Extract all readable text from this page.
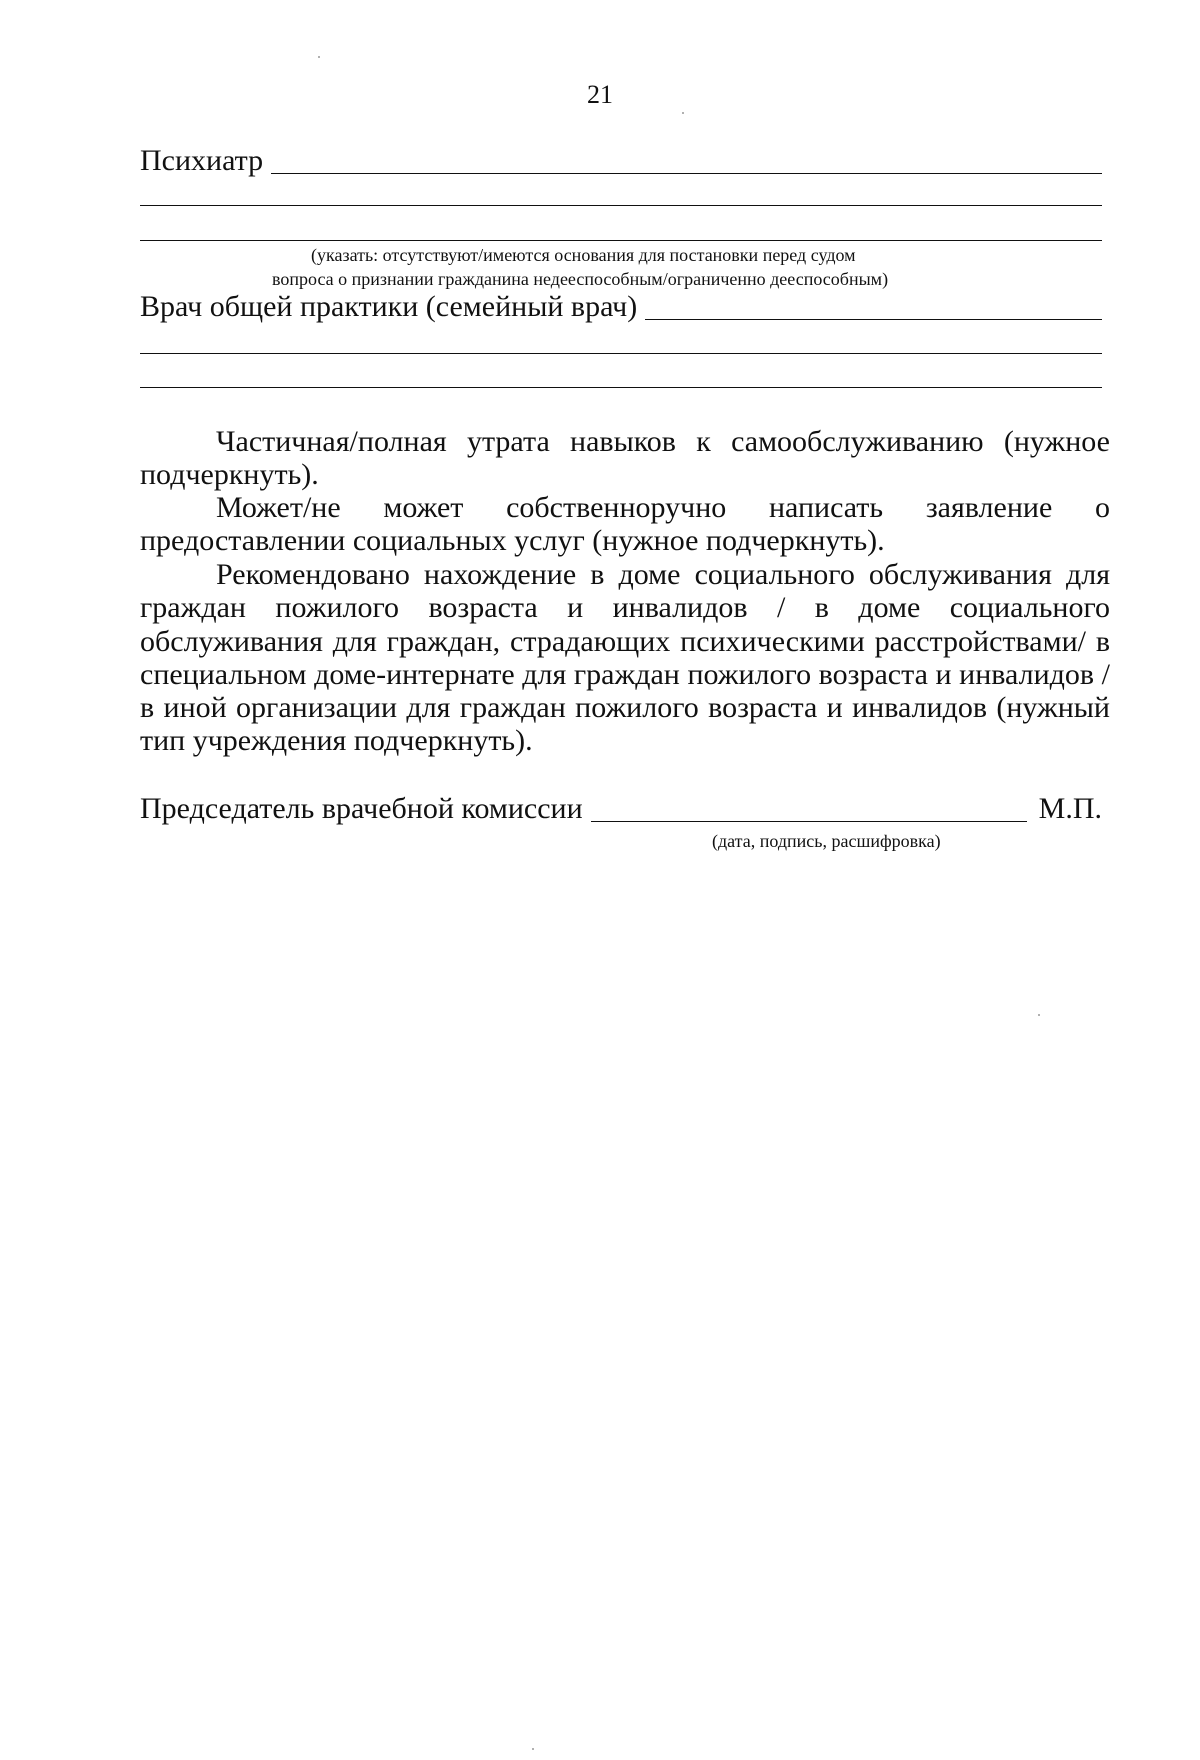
21
Психиатр
(указать: отсутствуют/имеются основания для постановки перед судом
вопроса о признании гражданина недееспособным/ограниченно дееспособным)
Врач общей практики (семейный врач)
Частичная/полная утрата навыков к самообслуживанию (нужное подчеркнуть).
Может/не может собственноручно написать заявление о предоставлении социальных услуг (нужное подчеркнуть).
Рекомендовано нахождение в доме социального обслуживания для граждан пожилого возраста и инвалидов / в доме социального обслуживания для граждан, страдающих психическими расстройствами/ в специальном доме-интернате для граждан пожилого возраста и инвалидов / в иной организации для граждан пожилого возраста и инвалидов (нужный тип учреждения подчеркнуть).
Председатель врачебной комиссии	М.П.
(дата, подпись, расшифровка)
